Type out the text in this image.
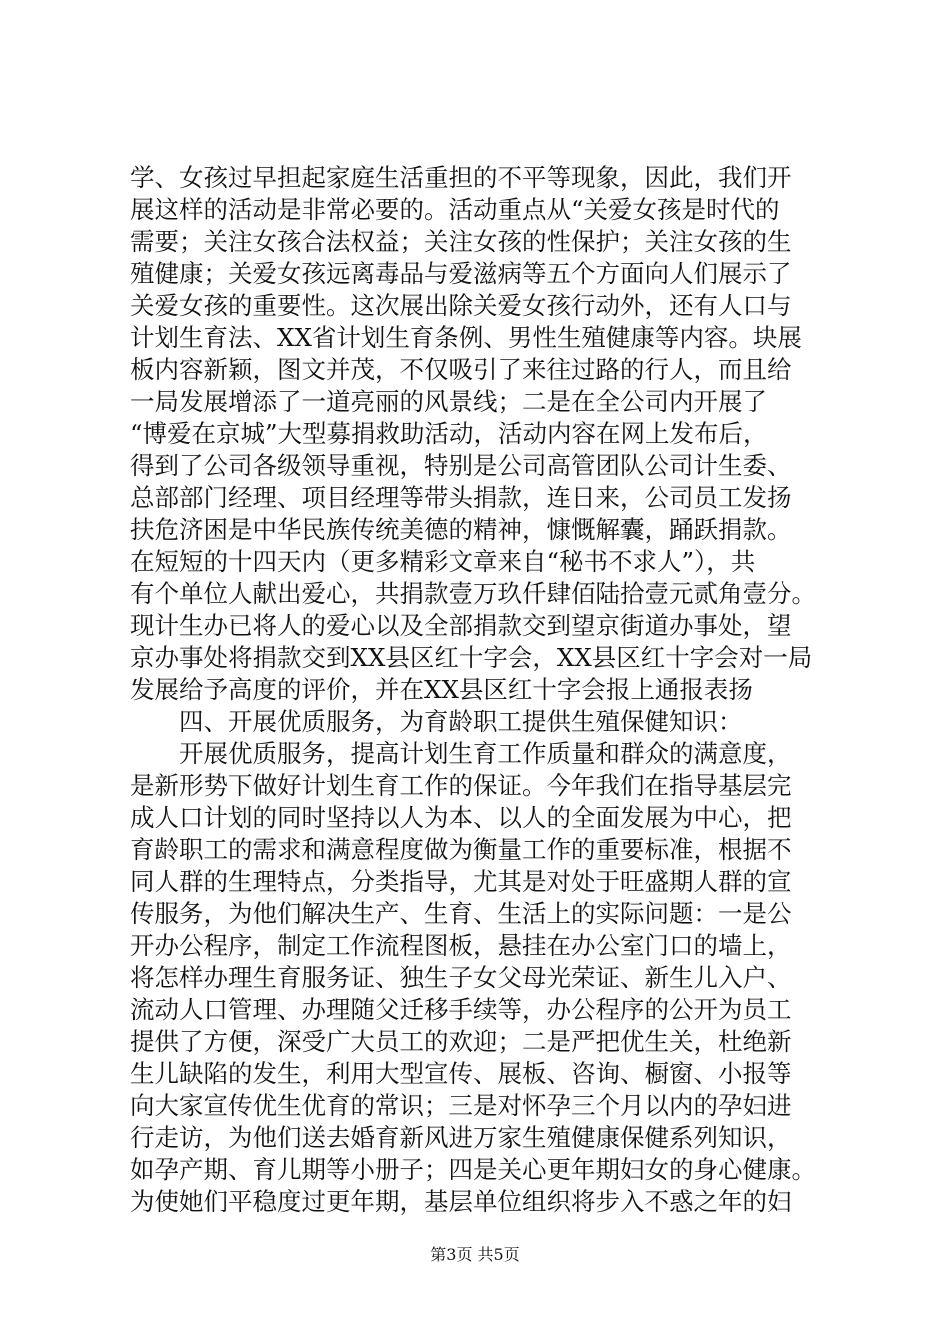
学、女孩过早担起家庭生活重担的不平等现象，因此，我们开
展这样的活动是非常必要的。活动重点从“关爱女孩是时代的
需要；关注女孩合法权益；关注女孩的性保护；关注女孩的生
殖健康；关爱女孩远离毒品与爱滋病等五个方面向人们展示了
关爱女孩的重要性。这次展出除关爱女孩行动外，还有人口与
计划生育法、XX省计划生育条例、男性生殖健康等内容。块展
板内容新颖，图文并茂，不仅吸引了来往过路的行人，而且给
一局发展增添了一道亮丽的风景线；二是在全公司内开展了
“博爱在京城”大型募捐救助活动，活动内容在网上发布后，
得到了公司各级领导重视，特别是公司高管团队公司计生委、
总部部门经理、项目经理等带头捐款，连日来，公司员工发扬
扶危济困是中华民族传统美德的精神，慷慨解囊，踊跃捐款。
在短短的十四天内（更多精彩文章来自“秘书不求人”），共
有个单位人献出爱心，共捐款壹万玖仟肆佰陆拾壹元贰角壹分。
现计生办已将人的爱心以及全部捐款交到望京街道办事处，望
京办事处将捐款交到XX县区红十字会，XX县区红十字会对一局
发展给予高度的评价，并在XX县区红十字会报上通报表扬
　　四、开展优质服务，为育龄职工提供生殖保健知识：
　　开展优质服务，提高计划生育工作质量和群众的满意度，
是新形势下做好计划生育工作的保证。今年我们在指导基层完
成人口计划的同时坚持以人为本、以人的全面发展为中心，把
育龄职工的需求和满意程度做为衡量工作的重要标准，根据不
同人群的生理特点，分类指导，尤其是对处于旺盛期人群的宣
传服务，为他们解决生产、生育、生活上的实际问题：一是公
开办公程序，制定工作流程图板，悬挂在办公室门口的墙上，
将怎样办理生育服务证、独生子女父母光荣证、新生儿入户、
流动人口管理、办理随父迁移手续等，办公程序的公开为员工
提供了方便，深受广大员工的欢迎；二是严把优生关，杜绝新
生儿缺陷的发生，利用大型宣传、展板、咨询、橱窗、小报等
向大家宣传优生优育的常识；三是对怀孕三个月以内的孕妇进
行走访，为他们送去婚育新风进万家生殖健康保健系列知识，
如孕产期、育儿期等小册子；四是关心更年期妇女的身心健康。
为使她们平稳度过更年期，基层单位组织将步入不惑之年的妇
第3页 共5页
